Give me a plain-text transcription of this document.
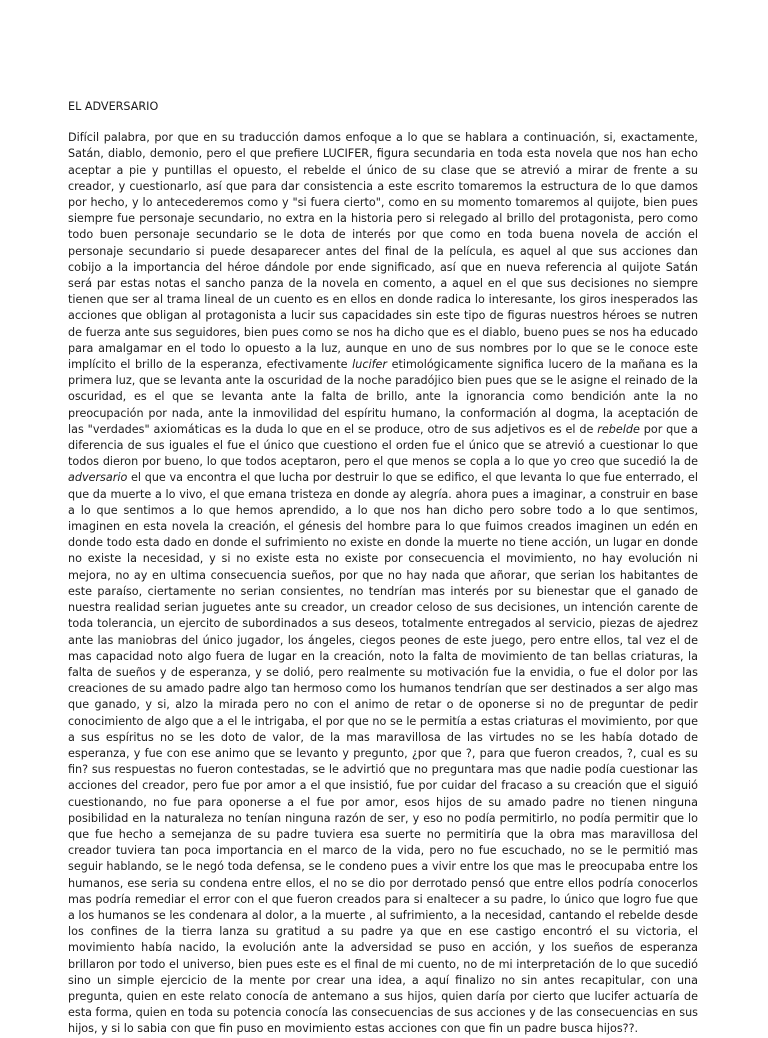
EL ADVERSARIO

Difícil palabra, por que en su traducción damos enfoque a lo que se hablara a continuación, si, exactamente, Satán, diablo, demonio, pero el que prefiere LUCIFER, figura secundaria en toda esta novela que nos han echo aceptar a pie y puntillas el opuesto, el rebelde el único de su clase que se atrevió a mirar de frente a su creador, y cuestionarlo, así que para dar consistencia a este escrito tomaremos la estructura de lo que damos por hecho, y lo antecederemos como y "si fuera cierto", como en su momento tomaremos al quijote, bien pues siempre fue personaje secundario, no extra en la historia pero si relegado al brillo del protagonista, pero como todo buen personaje secundario se le dota de interés por que como en toda buena novela de acción el personaje secundario si puede desaparecer antes del final de la película, es aquel al que sus acciones dan cobijo a la importancia del héroe dándole por ende significado, así que en nueva referencia al quijote Satán será par estas notas el sancho panza de la novela en comento, a aquel en el que sus decisiones no siempre tienen que ser al trama lineal de un cuento es en ellos en donde radica lo interesante, los giros inesperados las acciones que obligan al protagonista a lucir sus capacidades sin este tipo de figuras nuestros héroes se nutren de fuerza ante sus seguidores, bien pues como se nos ha dicho que es el diablo, bueno pues se nos ha educado para amalgamar en el todo lo opuesto a la luz, aunque en uno de sus nombres por lo que se le conoce este implícito el brillo de la esperanza, efectivamente lucifer etimológicamente significa lucero de la mañana es la primera luz, que se levanta ante la oscuridad de la noche paradójico bien pues que se le asigne el reinado de la oscuridad, es el que se levanta ante la falta de brillo, ante la ignorancia como bendición ante la no preocupación por nada, ante la inmovilidad del espíritu humano, la conformación al dogma, la aceptación de las "verdades" axiomáticas es la duda lo que en el se produce, otro de sus adjetivos es el de rebelde por que a diferencia de sus iguales el fue el único que cuestiono el orden fue el único que se atrevió a cuestionar lo que todos dieron por bueno, lo que todos aceptaron, pero el que menos se copla a lo que yo creo que sucedió la de adversario el que va encontra el que lucha por destruir lo que se edifico, el que levanta lo que fue enterrado, el que da muerte a lo vivo, el que emana tristeza en donde ay alegría. ahora pues a imaginar, a construir en base a lo que sentimos a lo que hemos aprendido, a lo que nos han dicho pero sobre todo a lo que sentimos, imaginen en esta novela la creación, el génesis del hombre para lo que fuimos creados imaginen un edén en donde todo esta dado en donde el sufrimiento no existe en donde la muerte no tiene acción, un lugar en donde no existe la necesidad, y si no existe esta no existe por consecuencia el movimiento, no hay evolución ni mejora, no ay en ultima consecuencia sueños, por que no hay nada que añorar, que serian los habitantes de este paraíso, ciertamente no serian consientes, no tendrían mas interés por su bienestar que el ganado de nuestra realidad serian juguetes ante su creador, un creador celoso de sus decisiones, un intención carente de toda tolerancia, un ejercito de subordinados a sus deseos, totalmente entregados al servicio, piezas de ajedrez ante las maniobras del único jugador, los ángeles, ciegos peones de este juego, pero entre ellos, tal vez el de mas capacidad noto algo fuera de lugar en la creación, noto la falta de movimiento de tan bellas criaturas, la falta de sueños y de esperanza, y se dolió, pero realmente su motivación fue la envidia, o fue el dolor por las creaciones de su amado padre algo tan hermoso como los humanos tendrían que ser destinados a ser algo mas que ganado, y si, alzo la mirada pero no con el animo de retar o de oponerse si no de preguntar de pedir conocimiento de algo que a el le intrigaba, el por que no se le permitía a estas criaturas el movimiento, por que a sus espíritus no se les doto de valor, de la mas maravillosa de las virtudes no se les había dotado de esperanza, y fue con ese animo que se levanto y pregunto, ¿por que ?, para que fueron creados, ?, cual es su fin? sus respuestas no fueron contestadas, se le advirtió que no preguntara mas que nadie podía cuestionar las acciones del creador, pero fue por amor a el que insistió, fue por cuidar del fracaso a su creación que el siguió cuestionando, no fue para oponerse a el fue por amor, esos hijos de su amado padre no tienen ninguna posibilidad en la naturaleza no tenían ninguna razón de ser, y eso no podía permitirlo, no podía permitir que lo que fue hecho a semejanza de su padre tuviera esa suerte no permitiría que la obra mas maravillosa del creador tuviera tan poca importancia en el marco de la vida, pero no fue escuchado, no se le permitió mas seguir hablando, se le negó toda defensa, se le condeno pues a vivir entre los que mas le preocupaba entre los humanos, ese seria su condena entre ellos, el no se dio por derrotado pensó que entre ellos podría conocerlos mas podría remediar el error con el que fueron creados para si enaltecer a su padre, lo único que logro fue que a los humanos se les condenara al dolor, a la muerte , al sufrimiento, a la necesidad, cantando el rebelde desde los confines de la tierra lanza su gratitud a su padre ya que en ese castigo encontró el su victoria, el movimiento había nacido, la evolución ante la adversidad se puso en acción, y los sueños de esperanza brillaron por todo el universo, bien pues este es el final de mi cuento, no de mi interpretación de lo que sucedió sino un simple ejercicio de la mente por crear una idea, a aquí finalizo no sin antes recapitular, con una pregunta, quien en este relato conocía de antemano a sus hijos, quien daría por cierto que lucifer actuaría de esta forma, quien en toda su potencia conocía las consecuencias de sus acciones y de las consecuencias en sus hijos, y si lo sabia con que fin puso en movimiento estas acciones con que fin un padre busca hijos??.
